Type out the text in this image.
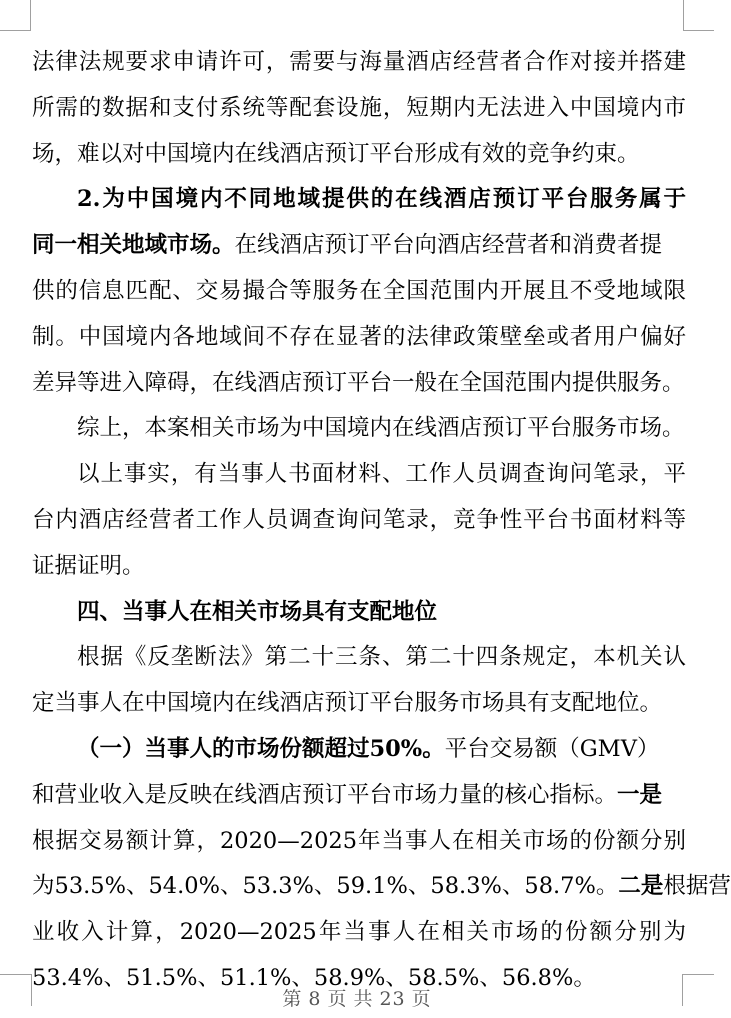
法律法规要求申请许可，需要与海量酒店经营者合作对接并搭建
所需的数据和支付系统等配套设施，短期内无法进入中国境内市
场，难以对中国境内在线酒店预订平台形成有效的竞争约束。
2.为中国境内不同地域提供的在线酒店预订平台服务属于
同一相关地域市场。在线酒店预订平台向酒店经营者和消费者提
供的信息匹配、交易撮合等服务在全国范围内开展且不受地域限
制。中国境内各地域间不存在显著的法律政策壁垒或者用户偏好
差异等进入障碍，在线酒店预订平台一般在全国范围内提供服务。
综上，本案相关市场为中国境内在线酒店预订平台服务市场。
以上事实，有当事人书面材料、工作人员调查询问笔录，平
台内酒店经营者工作人员调查询问笔录，竞争性平台书面材料等
证据证明。
四、当事人在相关市场具有支配地位
根据《反垄断法》第二十三条、第二十四条规定，本机关认
定当事人在中国境内在线酒店预订平台服务市场具有支配地位。
（一）当事人的市场份额超过50%。平台交易额（GMV）
和营业收入是反映在线酒店预订平台市场力量的核心指标。一是
根据交易额计算，2020—2025年当事人在相关市场的份额分别
为53.5%、54.0%、53.3%、59.1%、58.3%、58.7%。二是根据营
业收入计算，2020—2025年当事人在相关市场的份额分别为
53.4%、51.5%、51.1%、58.9%、58.5%、56.8%。
第 8 页 共 23 页
